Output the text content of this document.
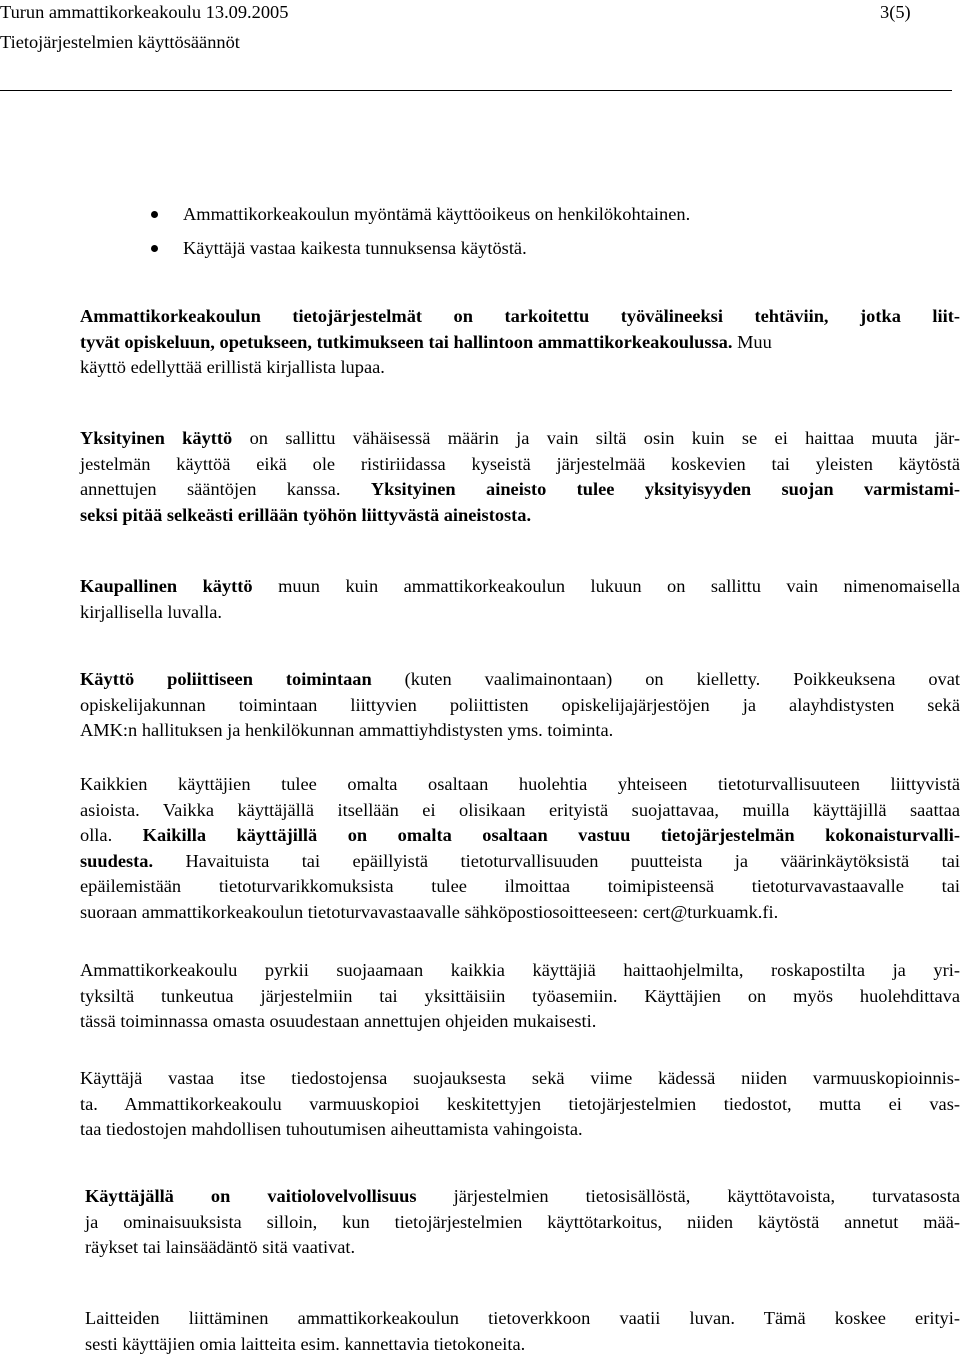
Turun ammattikorkeakoulu 13.09.2005	3(5)
Tietojärjestelmien käyttösäännöt
Ammattikorkeakoulun myöntämä käyttöoikeus on henkilökohtainen.
Käyttäjä vastaa kaikesta tunnuksensa käytöstä.
Ammattikorkeakoulun tietojärjestelmät on tarkoitettu työvälineeksi tehtäviin, jotka liit-
tyvät opiskeluun, opetukseen, tutkimukseen tai hallintoon ammattikorkeakoulussa. Muu
käyttö edellyttää erillistä kirjallista lupaa.
Yksityinen käyttö on sallittu vähäisessä määrin ja vain siltä osin kuin se ei haittaa muuta jär-
jestelmän käyttöä eikä ole ristiriidassa kyseistä järjestelmää koskevien tai yleisten käytöstä
annettujen sääntöjen kanssa. Yksityinen aineisto tulee yksityisyyden suojan varmistami-
seksi pitää selkeästi erillään työhön liittyvästä aineistosta.
Kaupallinen käyttö muun kuin ammattikorkeakoulun lukuun on sallittu vain nimenomaisella
kirjallisella luvalla.
Käyttö poliittiseen toimintaan (kuten vaalimainontaan) on kielletty. Poikkeuksena ovat
opiskelijakunnan toimintaan liittyvien poliittisten opiskelijajärjestöjen ja alayhdistysten sekä
AMK:n hallituksen ja henkilökunnan ammattiyhdistysten yms. toiminta.
Kaikkien käyttäjien tulee omalta osaltaan huolehtia yhteiseen tietoturvallisuuteen liittyvistä
asioista. Vaikka käyttäjällä itsellään ei olisikaan erityistä suojattavaa, muilla käyttäjillä saattaa
olla. Kaikilla käyttäjillä on omalta osaltaan vastuu tietojärjestelmän kokonaisturvalli-
suudesta. Havaituista tai epäillyistä tietoturvallisuuden puutteista ja väärinkäytöksistä tai
epäilemistään tietoturvarikkomuksista tulee ilmoittaa toimipisteensä tietoturvavastaavalle tai
suoraan ammattikorkeakoulun tietoturvavastaavalle sähköpostiosoitteeseen: cert@turkuamk.fi.
Ammattikorkeakoulu pyrkii suojaamaan kaikkia käyttäjiä haittaohjelmilta, roskapostilta ja yri-
tyksiltä tunkeutua järjestelmiin tai yksittäisiin työasemiin. Käyttäjien on myös huolehdittava
tässä toiminnassa omasta osuudestaan annettujen ohjeiden mukaisesti.
Käyttäjä vastaa itse tiedostojensa suojauksesta sekä viime kädessä niiden varmuuskopioinnis-
ta. Ammattikorkeakoulu varmuuskopioi keskitettyjen tietojärjestelmien tiedostot, mutta ei vas-
taa tiedostojen mahdollisen tuhoutumisen aiheuttamista vahingoista.
Käyttäjällä on vaitiolovelvollisuus järjestelmien tietosisällöstä, käyttötavoista, turvatasosta
ja ominaisuuksista silloin, kun tietojärjestelmien käyttötarkoitus, niiden käytöstä annetut mää-
räykset tai lainsäädäntö sitä vaativat.
Laitteiden liittäminen ammattikorkeakoulun tietoverkkoon vaatii luvan. Tämä koskee erityi-
sesti käyttäjien omia laitteita esim. kannettavia tietokoneita.
